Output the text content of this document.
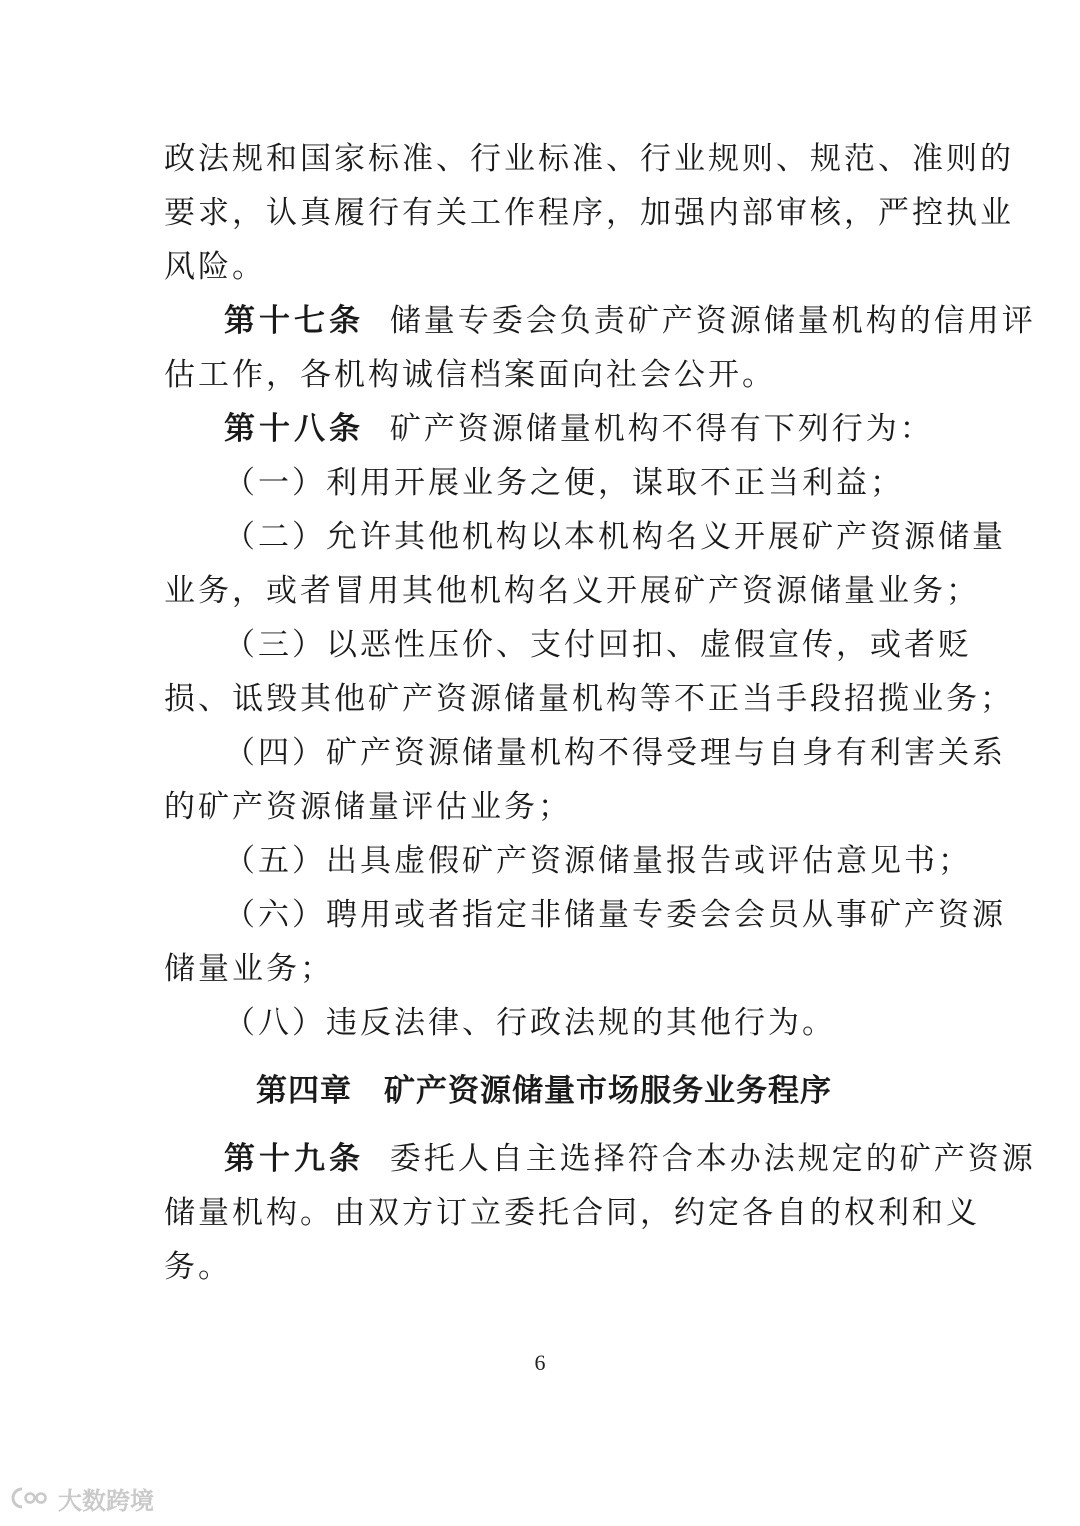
政法规和国家标准、行业标准、行业规则、规范、准则的
要求，认真履行有关工作程序，加强内部审核，严控执业
风险。
第十七条 储量专委会负责矿产资源储量机构的信用评
估工作，各机构诚信档案面向社会公开。
第十八条 矿产资源储量机构不得有下列行为：
（一）利用开展业务之便，谋取不正当利益；
（二）允许其他机构以本机构名义开展矿产资源储量
业务，或者冒用其他机构名义开展矿产资源储量业务；
（三）以恶性压价、支付回扣、虚假宣传，或者贬
损、诋毁其他矿产资源储量机构等不正当手段招揽业务；
（四）矿产资源储量机构不得受理与自身有利害关系
的矿产资源储量评估业务；
（五）出具虚假矿产资源储量报告或评估意见书；
（六）聘用或者指定非储量专委会会员从事矿产资源
储量业务；
（八）违反法律、行政法规的其他行为。
第四章　矿产资源储量市场服务业务程序
第十九条 委托人自主选择符合本办法规定的矿产资源
储量机构。由双方订立委托合同，约定各自的权利和义
务。
6
大数跨境
